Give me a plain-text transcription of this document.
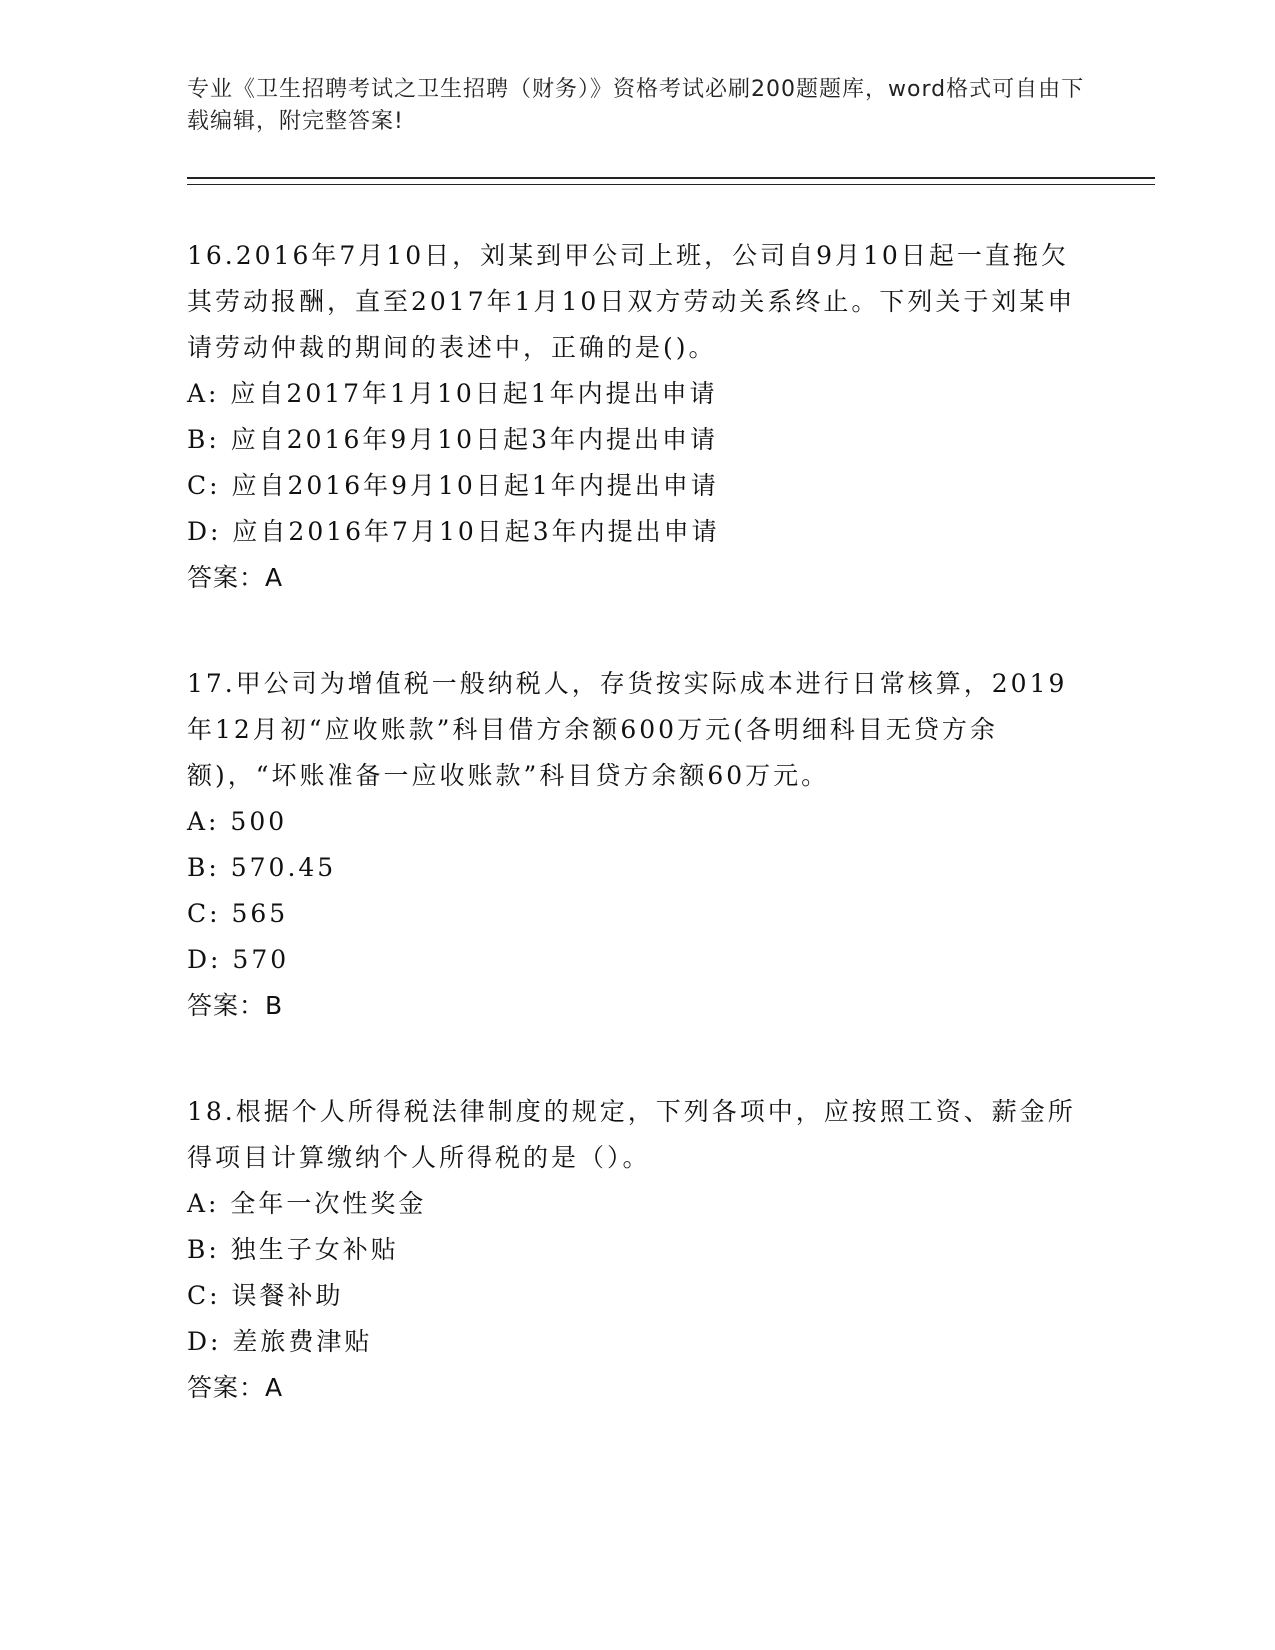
专业《卫生招聘考试之卫生招聘（财务）》资格考试必刷200题题库，word格式可自由下载编辑，附完整答案!

16.2016年7月10日，刘某到甲公司上班，公司自9月10日起一直拖欠其劳动报酬，直至2017年1月10日双方劳动关系终止。下列关于刘某申请劳动仲裁的期间的表述中，正确的是()。

A: 应自2017年1月10日起1年内提出申请

B: 应自2016年9月10日起3年内提出申请

C: 应自2016年9月10日起1年内提出申请

D: 应自2016年7月10日起3年内提出申请

答案：A

17.甲公司为增值税一般纳税人，存货按实际成本进行日常核算，2019年12月初“应收账款”科目借方余额600万元(各明细科目无贷方余额)，“坏账准备一应收账款”科目贷方余额60万元。

A: 500

B: 570.45

C: 565

D: 570

答案：B

18.根据个人所得税法律制度的规定，下列各项中，应按照工资、薪金所得项目计算缴纳个人所得税的是（）。

A: 全年一次性奖金

B: 独生子女补贴

C: 误餐补助

D: 差旅费津贴

答案：A
